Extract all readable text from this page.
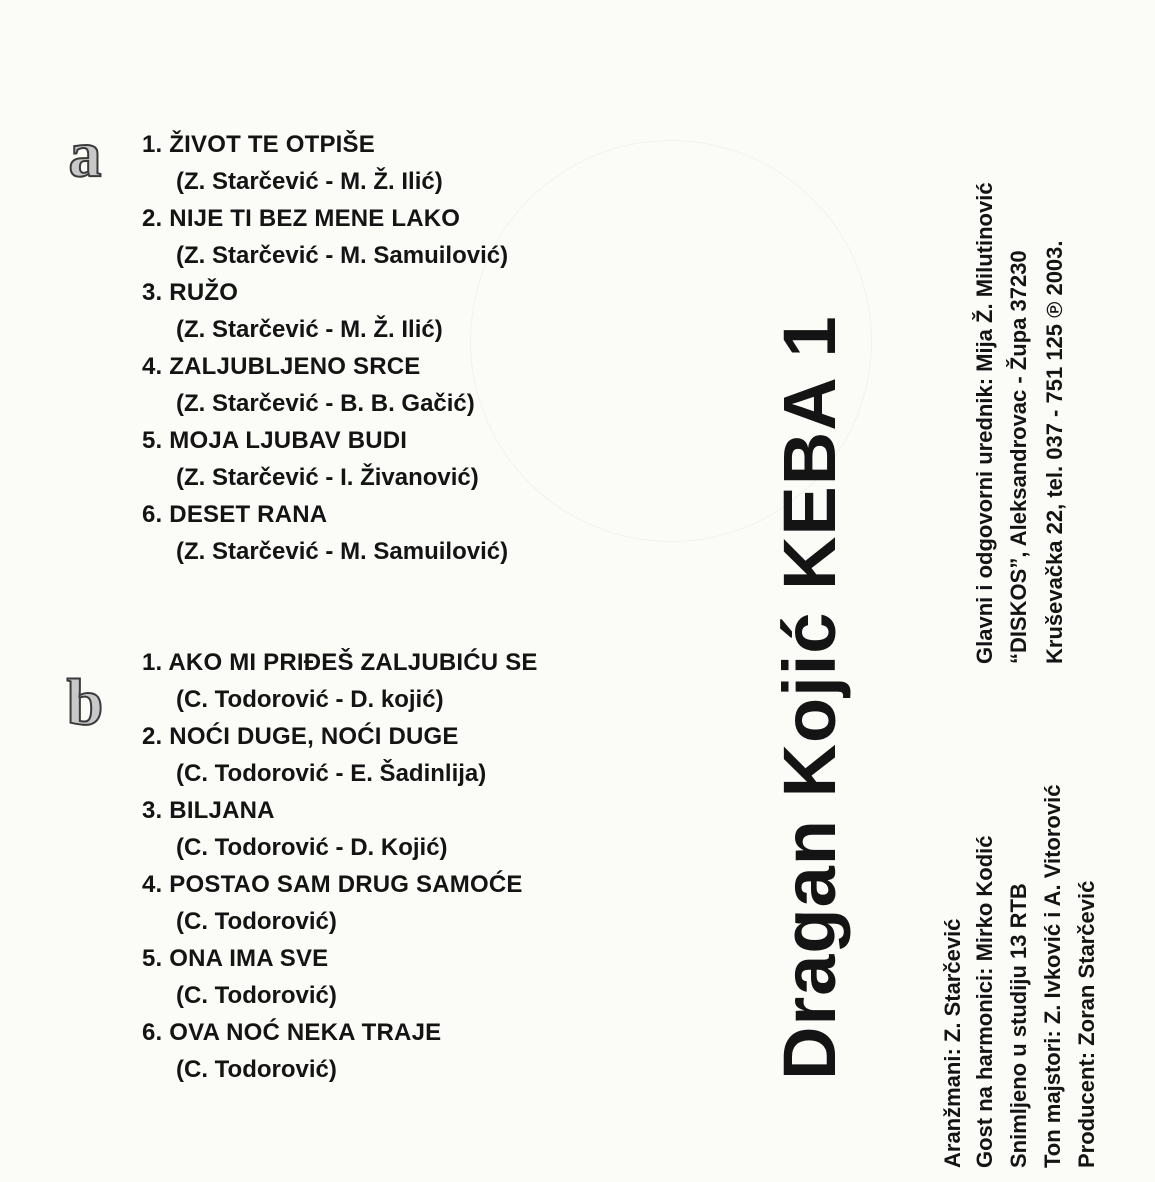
a 1. ŽIVOT TE OTPIŠE
(Z. Starčević - M. Ž. Ilić)
2. NIJE TI BEZ MENE LAKO
(Z. Starčević - M. Samuilović)
3. RUŽO
(Z. Starčević - M. Ž. Ilić)
4. ZALJUBLJENO SRCE
(Z. Starčević - B. B. Gačić)
5. MOJA LJUBAV BUDI
(Z. Starčević - I. Živanović)
6. DESET RANA
(Z. Starčević - M. Samuilović)
b
1. AKO MI PRIĐEŠ ZALJUBIĆU SE
(C. Todorović - D. kojić)
2. NOĆI DUGE, NOĆI DUGE
(C. Todorović - E. Šadinlija)
3. BILJANA
(C. Todorović - D. Kojić)
4. POSTAO SAM DRUG SAMOĆE
(C. Todorović)
5. ONA IMA SVE
(C. Todorović)
6. OVA NOĆ NEKA TRAJE
(C. Todorović)	Dragan Kojić KEBA 1	Aranžmani: Z. Starčević Gost na harmonici: Mirko Kodić Snimljeno u studiju 13 RTB Ton majstori: Z. Ivković i A. Vitorović Producent: Zoran Starčević
Glavni i odgovorni urednik: Mija Ž. Milutinović “DISKOS”, Aleksandrovac - Župa 37230 Kruševačka 22, tel. 037 - 751 125 ℗ 2003.
